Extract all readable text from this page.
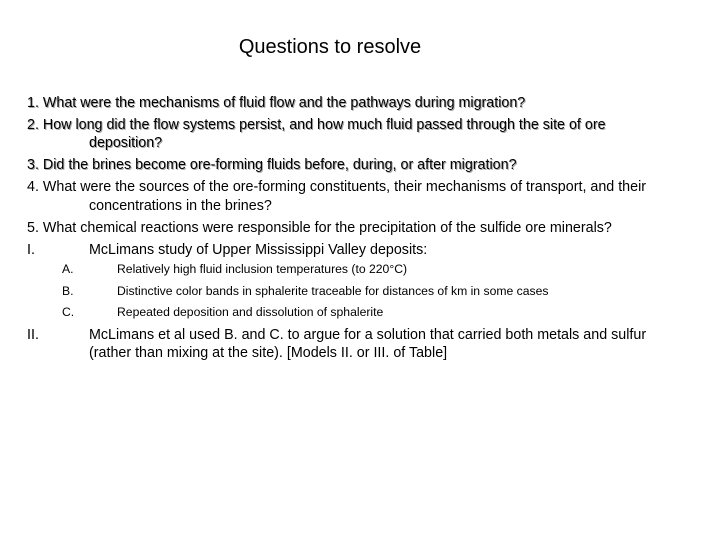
Questions to resolve
1. What were the mechanisms of fluid flow and the pathways during migration?
2. How long did the flow systems persist, and how much fluid passed through the site of ore deposition?
3. Did the brines become ore-forming fluids before, during, or after migration?
4. What were the sources of the ore-forming constituents, their mechanisms of transport, and their concentrations in the brines?
5. What chemical reactions were responsible for the precipitation of the sulfide ore minerals?
I.	McLimans study of Upper Mississippi Valley deposits:
A.	Relatively high fluid inclusion temperatures (to 220°C)
B.	Distinctive color bands in sphalerite traceable for distances of km in some cases
C.	Repeated deposition and dissolution of sphalerite
II.	McLimans et al used B. and C. to argue for a solution that carried both metals and sulfur (rather than mixing at the site). [Models II. or III. of Table]
